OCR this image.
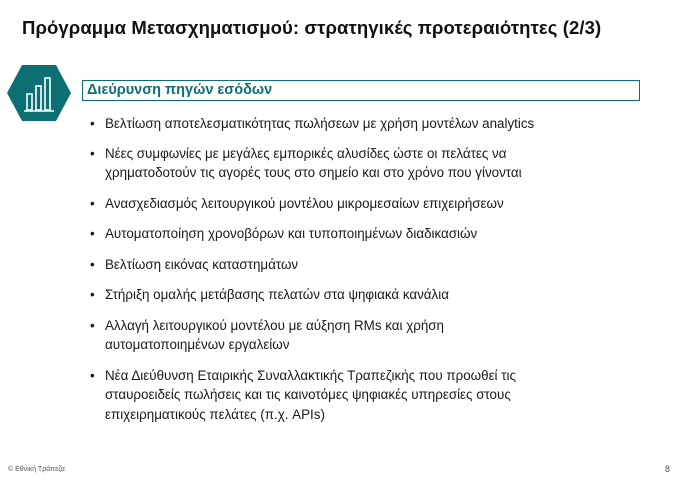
Πρόγραμμα Μετασχηματισμού: στρατηγικές προτεραιότητες (2/3)
Διεύρυνση πηγών εσόδων
• Βελτίωση αποτελεσματικότητας πωλήσεων με χρήση μοντέλων analytics
• Νέες συμφωνίες με μεγάλες εμπορικές αλυσίδες ώστε οι πελάτες να
χρηματοδοτούν τις αγορές τους στο σημείο και στο χρόνο που γίνονται
• Ανασχεδιασμός λειτουργικού μοντέλου μικρομεσαίων επιχειρήσεων
• Αυτοματοποίηση χρονοβόρων και τυποποιημένων διαδικασιών
• Βελτίωση εικόνας καταστημάτων
• Στήριξη ομαλής μετάβασης πελατών στα ψηφιακά κανάλια
• Αλλαγή λειτουργικού μοντέλου με αύξηση RMs και χρήση
αυτοματοποιημένων εργαλείων
• Νέα Διεύθυνση Εταιρικής Συναλλακτικής Τραπεζικής που προωθεί τις
σταυροειδείς πωλήσεις και τις καινοτόμες ψηφιακές υπηρεσίες στους
επιχειρηματικούς πελάτες (π.χ. APIs)
© Εθνική Τράπεζα	8
